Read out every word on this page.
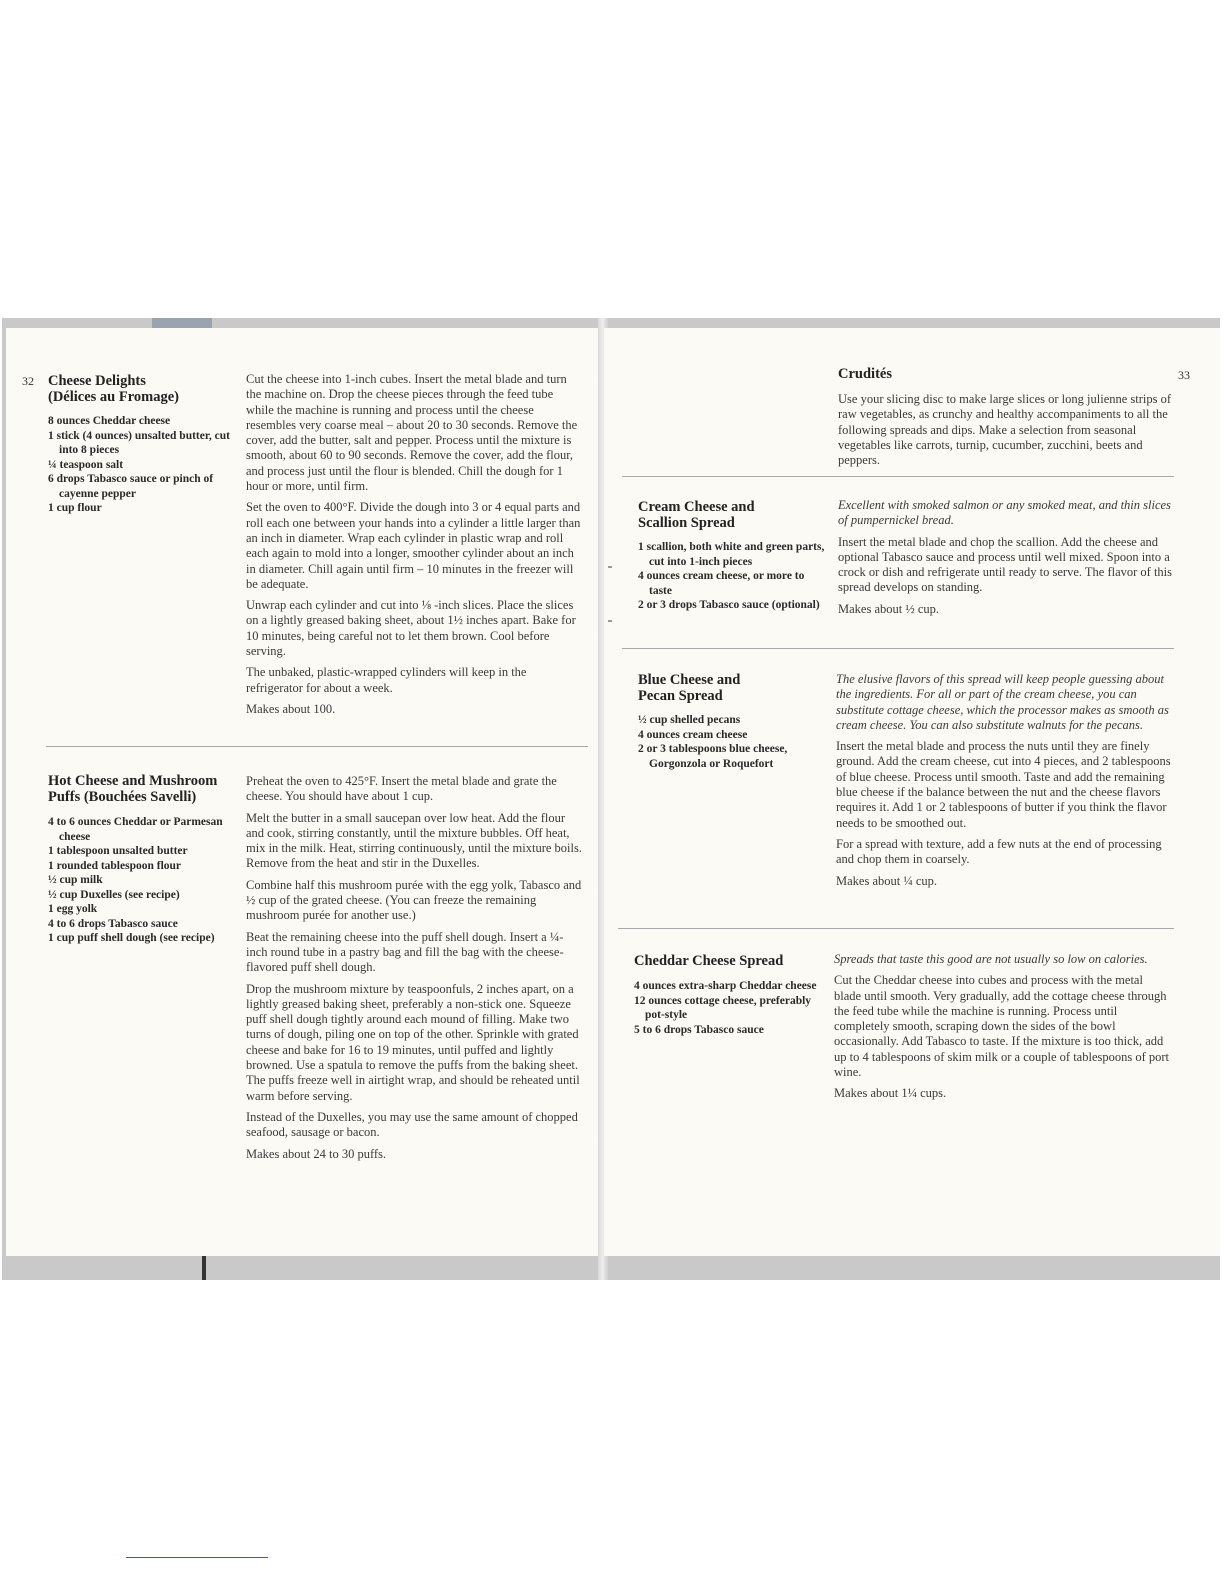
32 Cheese Delights
(Délices au Fromage)
8 ounces Cheddar cheese
1 stick (4 ounces) unsalted butter, cut into 8 pieces
¼ teaspoon salt
6 drops Tabasco sauce or pinch of cayenne pepper
1 cup flour

Cut the cheese into 1-inch cubes. Insert the metal blade and turn the machine on. Drop the cheese pieces through the feed tube while the machine is running and process until the cheese resembles very coarse meal – about 20 to 30 seconds. Remove the cover, add the butter, salt and pepper. Process until the mixture is smooth, about 60 to 90 seconds. Remove the cover, add the flour, and process just until the flour is blended. Chill the dough for 1 hour or more, until firm.

Set the oven to 400°F. Divide the dough into 3 or 4 equal parts and roll each one between your hands into a cylinder a little larger than an inch in diameter. Wrap each cylinder in plastic wrap and roll each again to mold into a longer, smoother cylinder about an inch in diameter. Chill again until firm – 10 minutes in the freezer will be adequate.

Unwrap each cylinder and cut into ⅛ -inch slices. Place the slices on a lightly greased baking sheet, about 1½ inches apart. Bake for 10 minutes, being careful not to let them brown. Cool before serving.

The unbaked, plastic-wrapped cylinders will keep in the refrigerator for about a week.

Makes about 100.

Hot Cheese and Mushroom
Puffs (Bouchées Savelli)
4 to 6 ounces Cheddar or Parmesan cheese
1 tablespoon unsalted butter
1 rounded tablespoon flour
½ cup milk
½ cup Duxelles (see recipe)
1 egg yolk
4 to 6 drops Tabasco sauce
1 cup puff shell dough (see recipe)

Preheat the oven to 425°F. Insert the metal blade and grate the cheese. You should have about 1 cup.

Melt the butter in a small saucepan over low heat. Add the flour and cook, stirring constantly, until the mixture bubbles. Off heat, mix in the milk. Heat, stirring continuously, until the mixture boils. Remove from the heat and stir in the Duxelles.

Combine half this mushroom purée with the egg yolk, Tabasco and ½ cup of the grated cheese. (You can freeze the remaining mushroom purée for another use.)

Beat the remaining cheese into the puff shell dough. Insert a ¼-inch round tube in a pastry bag and fill the bag with the cheese-flavored puff shell dough.

Drop the mushroom mixture by teaspoonfuls, 2 inches apart, on a lightly greased baking sheet, preferably a non-stick one. Squeeze puff shell dough tightly around each mound of filling. Make two turns of dough, piling one on top of the other. Sprinkle with grated cheese and bake for 16 to 19 minutes, until puffed and lightly browned. Use a spatula to remove the puffs from the baking sheet. The puffs freeze well in airtight wrap, and should be reheated until warm before serving.

Instead of the Duxelles, you may use the same amount of chopped seafood, sausage or bacon.

Makes about 24 to 30 puffs.

33
Crudités

Use your slicing disc to make large slices or long julienne strips of raw vegetables, as crunchy and healthy accompaniments to all the following spreads and dips. Make a selection from seasonal vegetables like carrots, turnip, cucumber, zucchini, beets and peppers.

Cream Cheese and
Scallion Spread
1 scallion, both white and green parts, cut into 1-inch pieces
4 ounces cream cheese, or more to taste
2 or 3 drops Tabasco sauce (optional)

Excellent with smoked salmon or any smoked meat, and thin slices of pumpernickel bread.

Insert the metal blade and chop the scallion. Add the cheese and optional Tabasco sauce and process until well mixed. Spoon into a crock or dish and refrigerate until ready to serve. The flavor of this spread develops on standing.

Makes about ½ cup.

Blue Cheese and
Pecan Spread
½ cup shelled pecans
4 ounces cream cheese
2 or 3 tablespoons blue cheese, Gorgonzola or Roquefort

The elusive flavors of this spread will keep people guessing about the ingredients. For all or part of the cream cheese, you can substitute cottage cheese, which the processor makes as smooth as cream cheese. You can also substitute walnuts for the pecans.

Insert the metal blade and process the nuts until they are finely ground. Add the cream cheese, cut into 4 pieces, and 2 tablespoons of blue cheese. Process until smooth. Taste and add the remaining blue cheese if the balance between the nut and the cheese flavors requires it. Add 1 or 2 tablespoons of butter if you think the flavor needs to be smoothed out.

For a spread with texture, add a few nuts at the end of processing and chop them in coarsely.

Makes about ¼ cup.

Cheddar Cheese Spread
4 ounces extra-sharp Cheddar cheese
12 ounces cottage cheese, preferably pot-style
5 to 6 drops Tabasco sauce

Spreads that taste this good are not usually so low on calories.

Cut the Cheddar cheese into cubes and process with the metal blade until smooth. Very gradually, add the cottage cheese through the feed tube while the machine is running. Process until completely smooth, scraping down the sides of the bowl occasionally. Add Tabasco to taste. If the mixture is too thick, add up to 4 tablespoons of skim milk or a couple of tablespoons of port wine.

Makes about 1¼ cups.
